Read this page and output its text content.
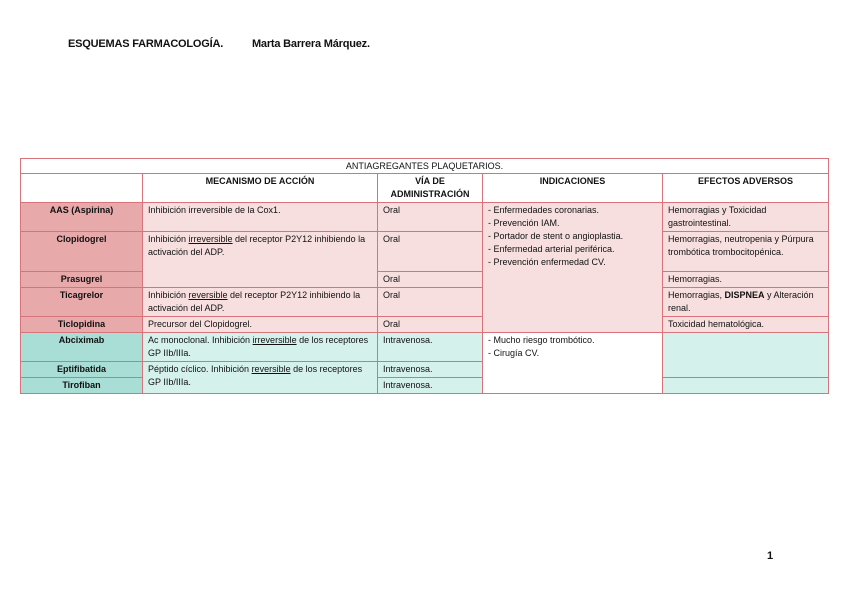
ESQUEMAS FARMACOLOGÍA.	Marta Barrera Márquez.
ANTIAGREGANTES PLAQUETARIOS.				
	MECANISMO DE ACCIÓN	VÍA DE ADMINISTRACIÓN	INDICACIONES	EFECTOS ADVERSOS
AAS (Aspirina)	Inhibición irreversible de la Cox1.	Oral	- Enfermedades coronarias.
- Prevención IAM.
- Portador de stent o angioplastia.
- Enfermedad arterial periférica.
- Prevención enfermedad CV.	Hemorragias y Toxicidad gastrointestinal.
Clopidogrel	Inhibición irreversible del receptor P2Y12 inhibiendo la activación del ADP.	Oral		Hemorragias, neutropenia y Púrpura trombótica trombocitopénica.
Prasugrel		Oral		Hemorragias.
Ticagrelor	Inhibición reversible del receptor P2Y12 inhibiendo la activación del ADP.	Oral		Hemorragias, DISPNEA y Alteración renal.
Ticlopidina	Precursor del Clopidogrel.	Oral		Toxicidad hematológica.
Abciximab	Ac monoclonal. Inhibición irreversible de los receptores GP IIb/IIIa.	Intravenosa.	- Mucho riesgo trombótico.
- Cirugía CV.	

Eptifibatida	Péptido cíclico. Inhibición reversible de los receptores GP IIb/IIIa.	Intravenosa.		
Tirofiban		Intravenosa.		
1
